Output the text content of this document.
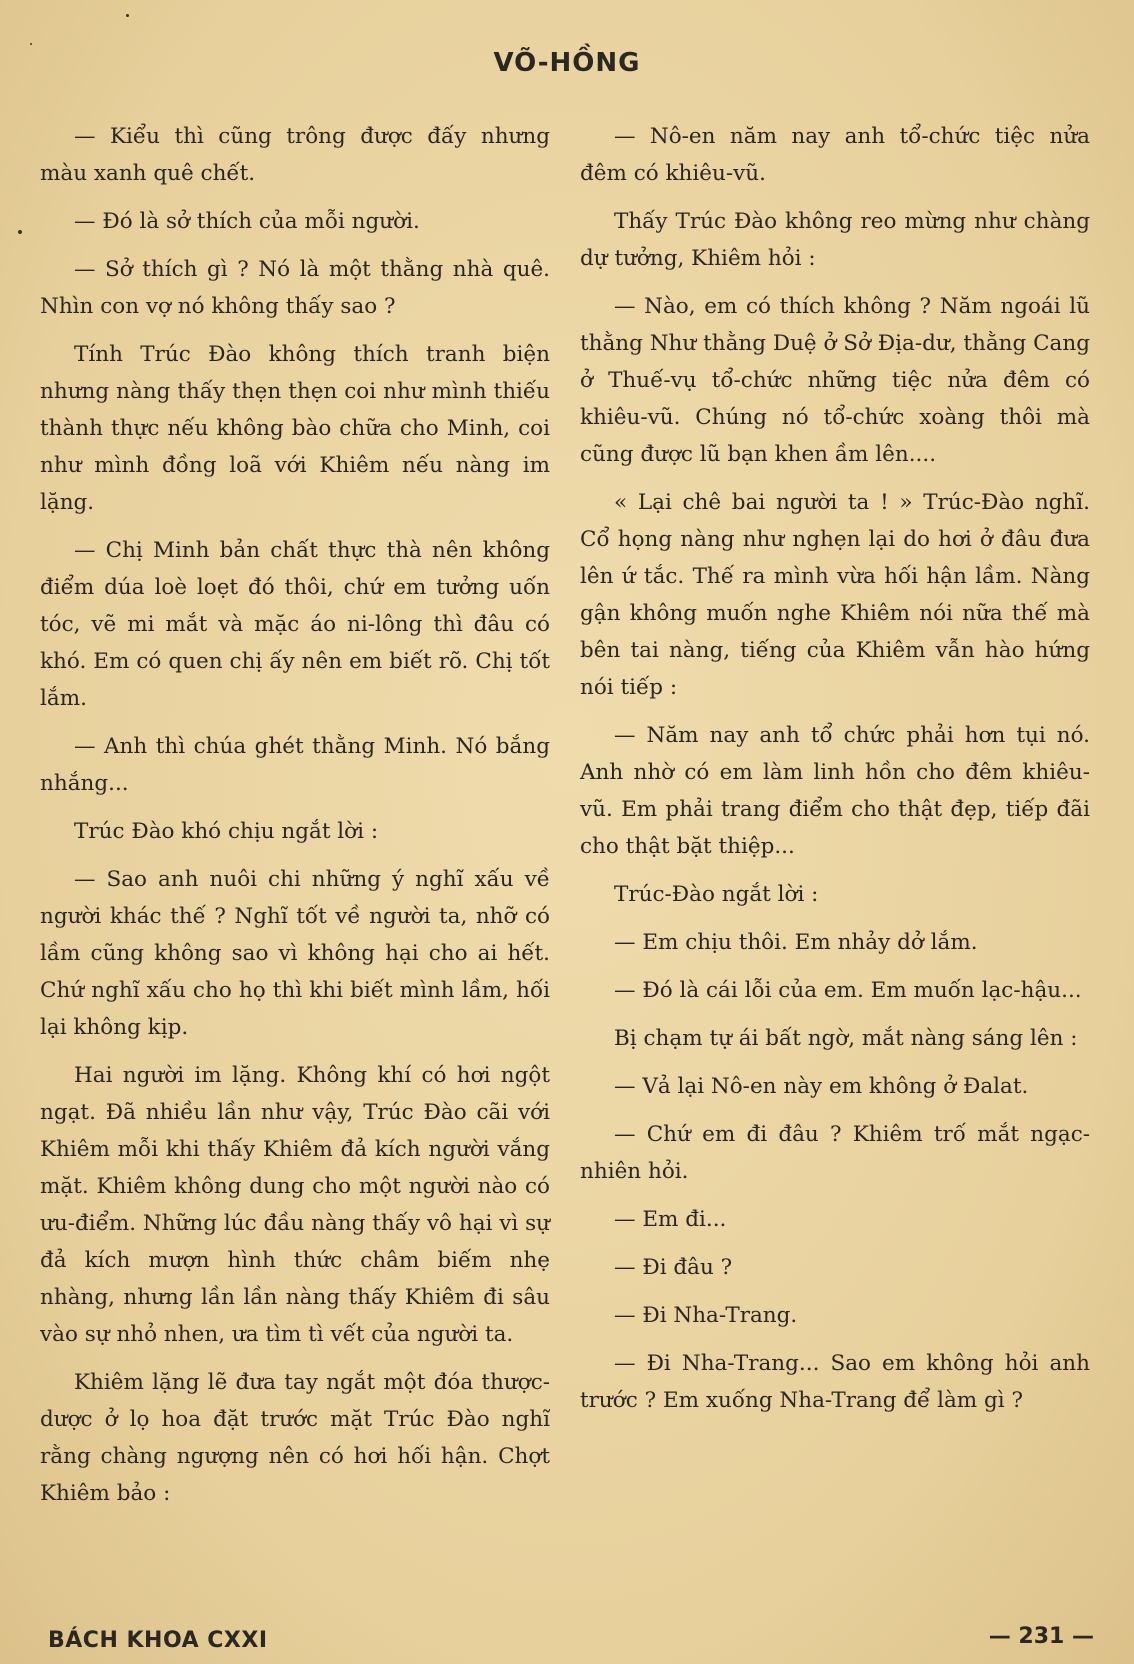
VÕ-HỒNG

— Kiểu thì cũng trông được đấy nhưng màu xanh quê chết.

— Đó là sở thích của mỗi người.

— Sở thích gì ? Nó là một thằng nhà quê. Nhìn con vợ nó không thấy sao ?

Tính Trúc Đào không thích tranh biện nhưng nàng thấy thẹn thẹn coi như mình thiếu thành thực nếu không bào chữa cho Minh, coi như mình đồng loã với Khiêm nếu nàng im lặng.

— Chị Minh bản chất thực thà nên không điểm dúa loè loẹt đó thôi, chứ em tưởng uốn tóc, vẽ mi mắt và mặc áo ni-lông thì đâu có khó. Em có quen chị ấy nên em biết rõ. Chị tốt lắm.

— Anh thì chúa ghét thằng Minh. Nó bắng nhắng...

Trúc Đào khó chịu ngắt lời :

— Sao anh nuôi chi những ý nghĩ xấu về người khác thế ? Nghĩ tốt về người ta, nhỡ có lầm cũng không sao vì không hại cho ai hết. Chứ nghĩ xấu cho họ thì khi biết mình lầm, hối lại không kịp.

Hai người im lặng. Không khí có hơi ngột ngạt. Đã nhiều lần như vậy, Trúc Đào cãi với Khiêm mỗi khi thấy Khiêm đả kích người vắng mặt. Khiêm không dung cho một người nào có ưu-điểm. Những lúc đầu nàng thấy vô hại vì sự đả kích mượn hình thức châm biếm nhẹ nhàng, nhưng lần lần nàng thấy Khiêm đi sâu vào sự nhỏ nhen, ưa tìm tì vết của người ta.

Khiêm lặng lẽ đưa tay ngắt một đóa thược-dược ở lọ hoa đặt trước mặt Trúc Đào nghĩ rằng chàng ngượng nên có hơi hối hận. Chợt Khiêm bảo :

— Nô-en năm nay anh tổ-chức tiệc nửa đêm có khiêu-vũ.

Thấy Trúc Đào không reo mừng như chàng dự tưởng, Khiêm hỏi :

— Nào, em có thích không ? Năm ngoái lũ thằng Như thằng Duệ ở Sở Địa-dư, thằng Cang ở Thuế-vụ tổ-chức những tiệc nửa đêm có khiêu-vũ. Chúng nó tổ-chức xoàng thôi mà cũng được lũ bạn khen ầm lên....

« Lại chê bai người ta ! » Trúc-Đào nghĩ. Cổ họng nàng như nghẹn lại do hơi ở đâu đưa lên ứ tắc. Thế ra mình vừa hối hận lầm. Nàng gận không muốn nghe Khiêm nói nữa thế mà bên tai nàng, tiếng của Khiêm vẫn hào hứng nói tiếp :

— Năm nay anh tổ chức phải hơn tụi nó. Anh nhờ có em làm linh hồn cho đêm khiêu-vũ. Em phải trang điểm cho thật đẹp, tiếp đãi cho thật bặt thiệp...

Trúc-Đào ngắt lời :

— Em chịu thôi. Em nhảy dở lắm.

— Đó là cái lỗi của em. Em muốn lạc-hậu...

Bị chạm tự ái bất ngờ, mắt nàng sáng lên :

— Vả lại Nô-en này em không ở Đalat.

— Chứ em đi đâu ? Khiêm trố mắt ngạc-nhiên hỏi.

— Em đi...

— Đi đâu ?

— Đi Nha-Trang.

— Đi Nha-Trang... Sao em không hỏi anh trước ? Em xuống Nha-Trang để làm gì ?

BÁCH KHOA CXXI	— 231 —
